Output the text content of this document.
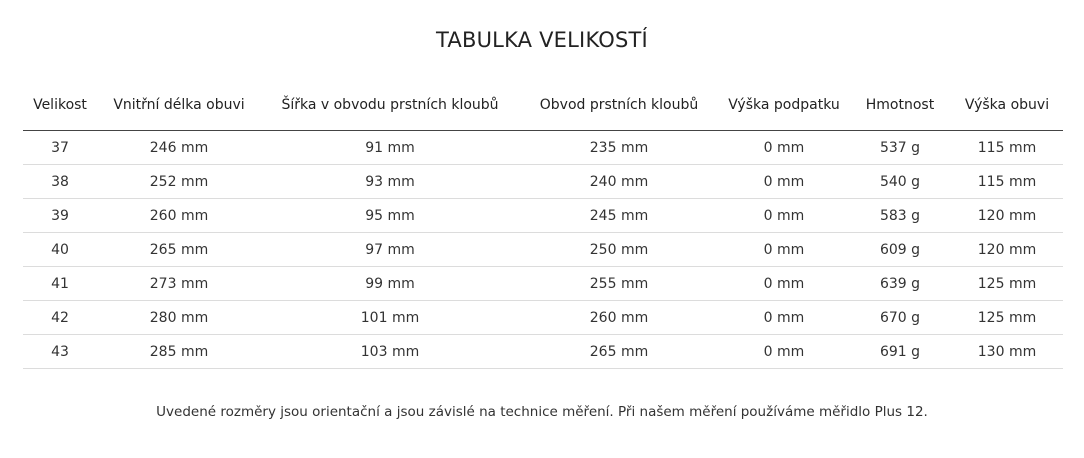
TABULKA VELIKOSTÍ
Velikost	Vnitřní délka obuvi	Šířka v obvodu prstních kloubů	Obvod prstních kloubů	Výška podpatku	Hmotnost	Výška obuvi
37	246 mm	91 mm	235 mm	0 mm	537 g	115 mm
38	252 mm	93 mm	240 mm	0 mm	540 g	115 mm
39	260 mm	95 mm	245 mm	0 mm	583 g	120 mm
40	265 mm	97 mm	250 mm	0 mm	609 g	120 mm
41	273 mm	99 mm	255 mm	0 mm	639 g	125 mm
42	280 mm	101 mm	260 mm	0 mm	670 g	125 mm
43	285 mm	103 mm	265 mm	0 mm	691 g	130 mm
Uvedené rozměry jsou orientační a jsou závislé na technice měření. Při našem měření používáme měřidlo Plus 12.
